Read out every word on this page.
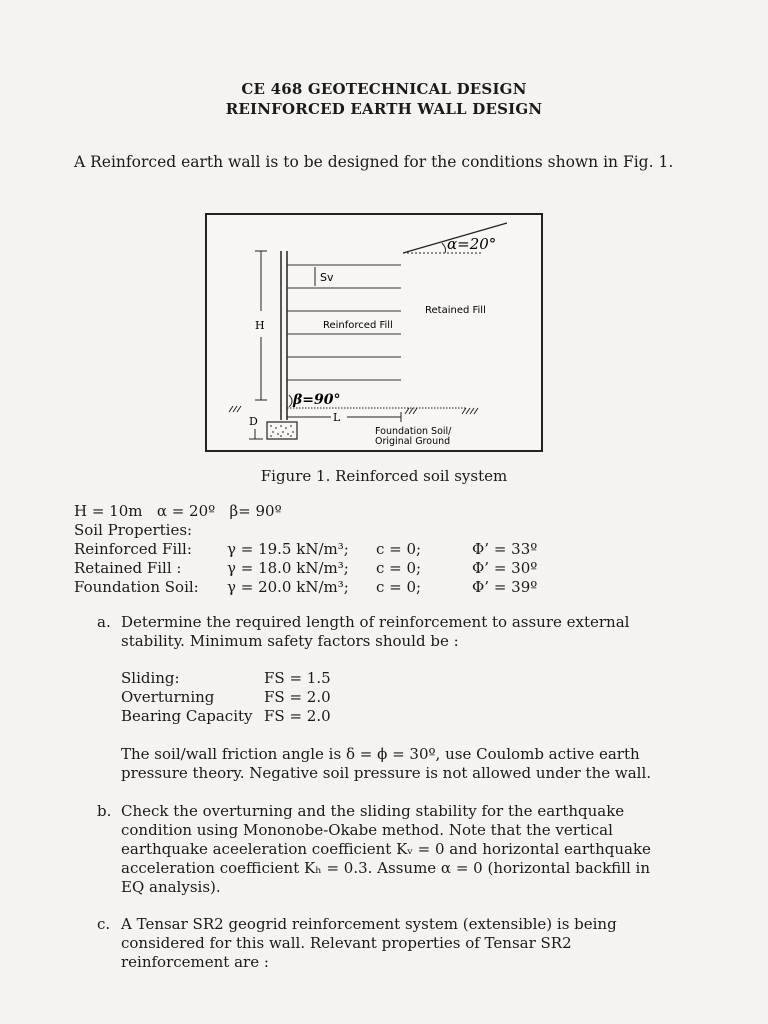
CE 468 GEOTECHNICAL DESIGN
REINFORCED EARTH WALL DESIGN
A Reinforced earth wall is to be designed for the conditions shown in Fig. 1.
α=20°
Sv
H	Reinforced Fill
Retained Fill
β=90°
L
D
Foundation Soil/
Original Ground
Figure 1. Reinforced soil system
H = 10m α = 20º β= 90º
Soil Properties:
Reinforced Fill: γ = 19.5 kN/m³; c = 0;	Φ’ = 33º
Retained Fill :	γ = 18.0 kN/m³; c = 0;	Φ’ = 30º
Foundation Soil: γ = 20.0 kN/m³; c = 0;	Φ’ = 39º
a. Determine the required length of reinforcement to assure external stability. Minimum safety factors should be :
Sliding:	FS = 1.5
Overturning	FS = 2.0
Bearing Capacity FS = 2.0
The soil/wall friction angle is δ = ϕ = 30º, use Coulomb active earth pressure theory. Negative soil pressure is not allowed under the wall.
b. Check the overturning and the sliding stability for the earthquake condition using Mononobe-Okabe method. Note that the vertical earthquake aceeleration coefficient Kᵥ = 0 and horizontal earthquake acceleration coefficient Kₕ = 0.3. Assume α = 0 (horizontal backfill in EQ analysis).
c. A Tensar SR2 geogrid reinforcement system (extensible) is being considered for this wall. Relevant properties of Tensar SR2 reinforcement are :
